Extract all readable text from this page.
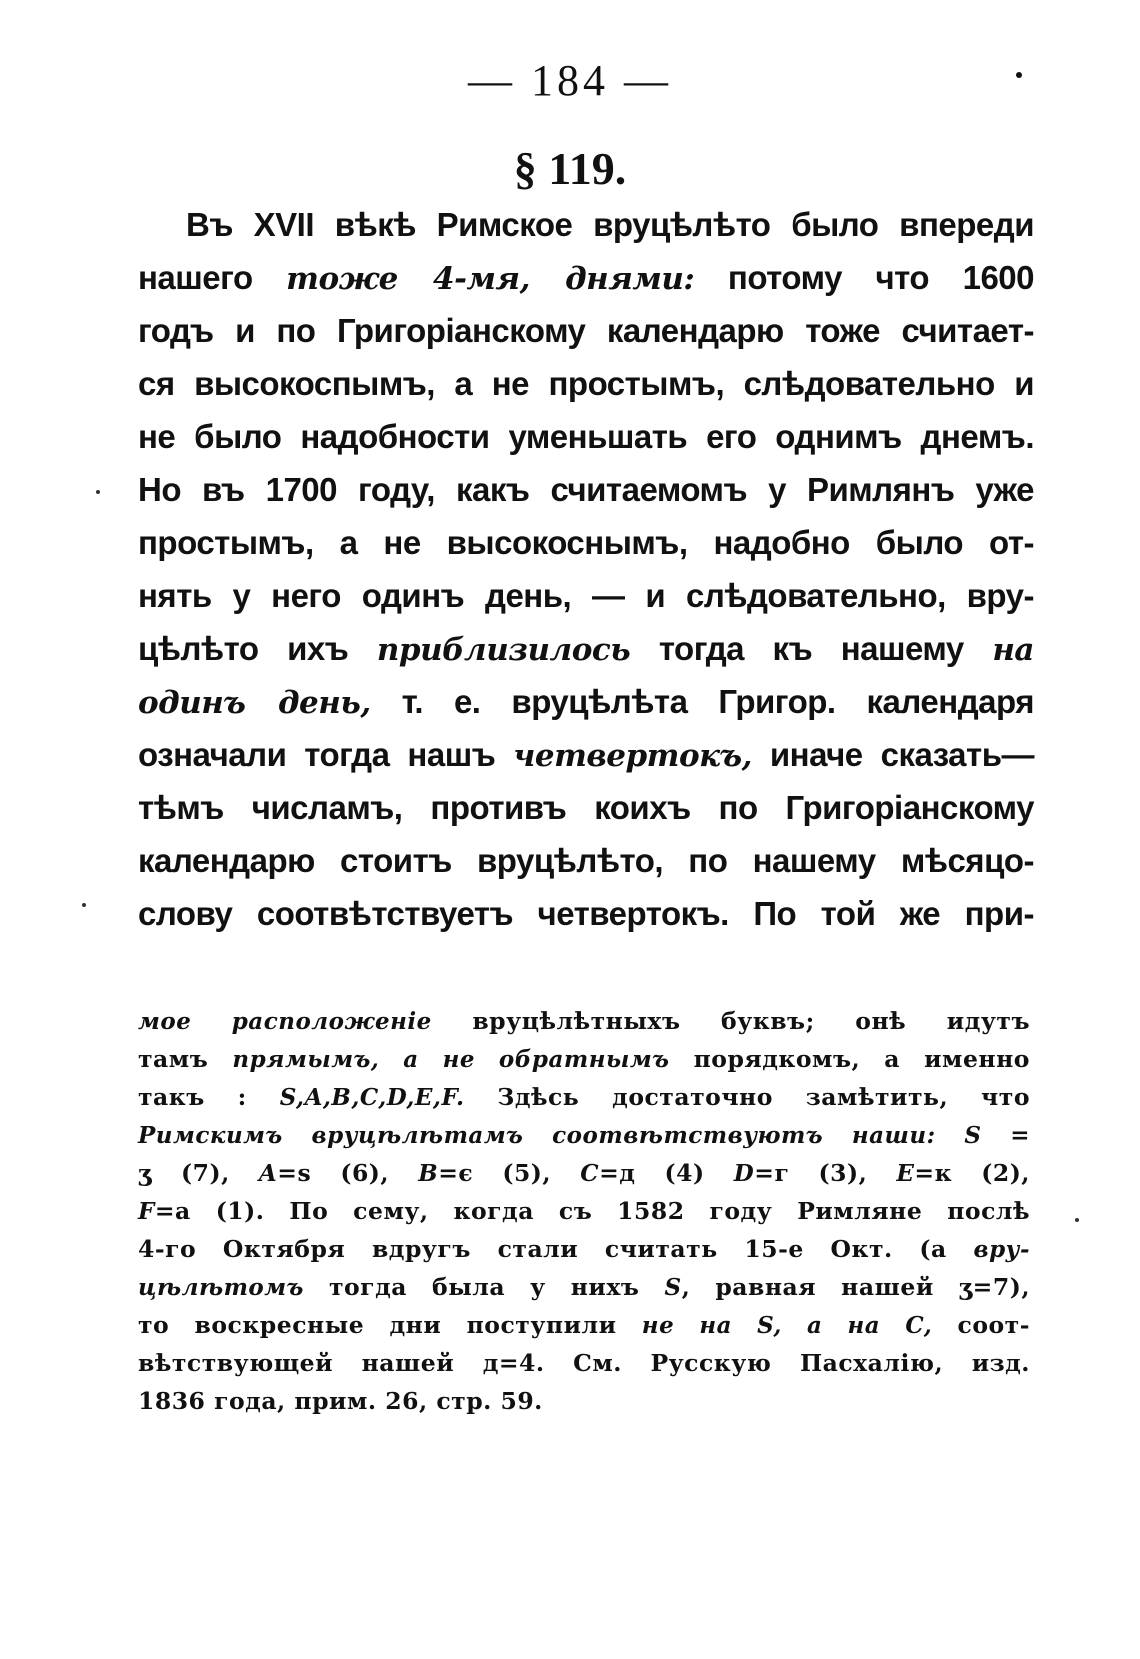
— 184 —
§ 119.
Въ XVII вѣкѣ Римское вруцѣлѣто было впереди
нашего тоже 4-мя, днями: потому что 1600
годъ и по Григоріанскому календарю тоже считает-
ся высокоспымъ, а не простымъ, слѣдовательно и
не было надобности уменьшать его однимъ днемъ.
Но въ 1700 году, какъ считаемомъ у Римлянъ уже
простымъ, а не высокоснымъ, надобно было от-
нять у него одинъ день, — и слѣдовательно, вру-
цѣлѣто ихъ приблизилось тогда къ нашему на
одинъ день, т. е. вруцѣлѣта Григор. календаря
означали тогда нашъ четвертокъ, иначе сказать—
тѣмъ числамъ, противъ коихъ по Григоріанскому
календарю стоитъ вруцѣлѣто, по нашему мѣсяцо-
слову соотвѣтствуетъ четвертокъ. По той же при-
мое расположеніе вруцѣлѣтныхъ буквъ; онѣ идутъ
тамъ прямымъ, а не обратнымъ порядкомъ, а именно
такъ : S,A,B,C,D,E,F. Здѣсь достаточно замѣтить, что
Римскимъ вруцѣлѣтамъ соотвѣтствуютъ наши: S =
ʒ (7), A=ѕ (6), B=є (5), C=д (4) D=г (3), E=к (2),
F=а (1). По сему, когда съ 1582 году Римляне послѣ
4-го Октября вдругъ стали считать 15-е Окт. (а вру-
цѣлѣтомъ тогда была у нихъ S, равная нашей ʒ=7),
то воскресные дни поступили не на S, а на C, соот-
вѣтствующей нашей д=4. См. Русскую Пасхалію, изд.
1836 года, прим. 26, стр. 59.
